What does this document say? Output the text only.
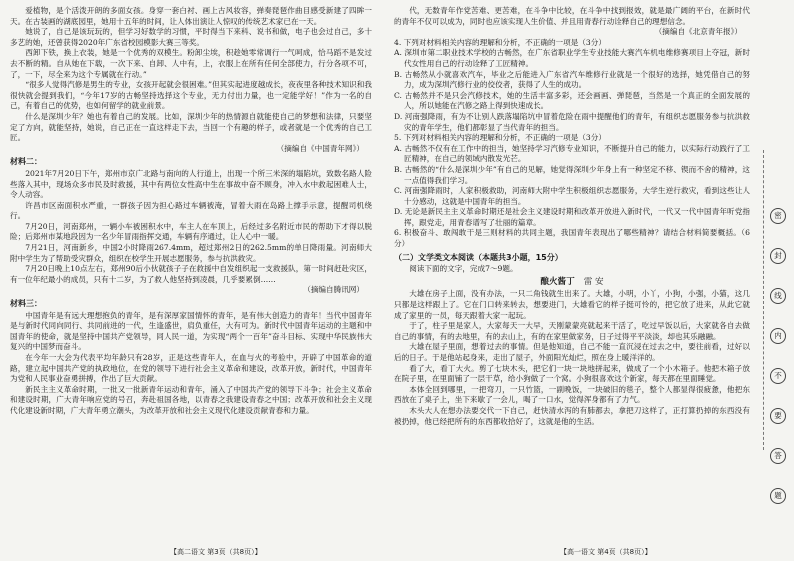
爱植物，是个活泼开朗的多面女孩。身穿一套白衬、画上古风妆容，弹奏琵琶作曲目感受新建了四眸一天。在古装画的湖底园里，她用十五年的时间，让人体出演让人惊叹的传统艺术家已在一天。

她说了，自己是该玩玩的，但学习好数学的习惯，平时得当下来科、说书和做，电子也会过自己，多十多艺的她，还曾获得2020年广东省校园模影大赛三等奖。

西卸下铁，换上衣装，她是一个优秀的双模生。粉卸尘埃，积趁她零常调行一气呵成，恰马蹈不是发过去不断的精。自从她在下载，一次下来、自卸、人中有，上，衣服上在所有任何全部使力，行分各项不可，了，一下，尽全来为这个专属就在行动。”

“很多人觉得汽修是男生的专业，女孩开起就会很困难。”但其实起进度越成长，夜夜里各种技术知识和我很快就会提到我们，“今年17岁的古畅坚持选择这个专业，无力付出力量，也一定能学好！”作为一名的自己，有着自己的优势，也如何留学的就业前景。

什么是深圳少年？她也有着自己的发展。比如，深圳少年的热情源自就能使自己的梦想和法律，只要坚定了方向，就能坚持，她说，自己正在一直这样走下去，当回一个有趣的样子，或者就是一个优秀的自己工匠。

（摘编自《中国青年网》）

材料二：

2021年7月20日下午，郑州市京广北路与南向的人行道上，出现一个所三米深的塌陷坑，致数名路人险些落入其中，现场众多市民及时救援，其中有两位女性高中生在事故中奋不顾身，冲入水中救起困难人士，令人动容。

许昌市区南面积水严重，一群孩子因为担心路过车辆被淹，冒着大雨在岛路上撑手示意，提醒司机绕行。

7月20日，河南郑州，一辆小车被困积水中，车主人在车顶上，后经过多名附近市民的帮助下才得以脱险；后郑州市某地段因为一名少年冒雨指挥交通，车辆有序通过，让人心中一暖。

7月21日，河南新乡，中国2小时降雨267.4mm，超过郑州2日的262.5mm的单日降雨量。河南师大附中学生为了帮助受灾群众，组织在校学生开展志愿服务，参与抗洪救灾。

7月20日晚上10点左右，郑州90后小伙就孩子子在救援中自发组织起一支救援队，第一时间赶赴灾区，有一位年纪最小的成员，只有十二岁，为了救人他坚持到凌晨，几乎要累倒……

（摘编自腾讯网）

材料三：

中国青年是有远大理想抱负的青年，是有深厚家国情怀的青年，是有伟大创造力的青年！当代中国青年是与新时代同向同行、共同前进的一代，生逢盛世，肩负重任，大有可为。新时代中国青年运动的主题和中国青年的使命，就是坚持中国共产党领导，同人民一道，为实现“两个一百年”奋斗目标、实现中华民族伟大复兴的中国梦而奋斗。

在今年一大会为代表平均年龄只有28岁，正是这些青年人，在血与火的考验中，开辟了中国革命的道路，建立起中国共产党的执政地位，在党的领导下进行社会主义革命和建设，改革开放，新时代，中国青年为党和人民事业奋勇拼搏，作出了巨大贡献。

新民主主义革命时期，一批又一批新青年运动和青年，涌入了中国共产党的领导下斗争；社会主义革命和建设时期，广大青年响应党的号召，奔赴祖国各地，以青春之我建设青春之中国；改革开放和社会主义现代化建设新时期，广大青年勇立潮头，为改革开放和社会主义现代化建设贡献青春和力量。

代，无数青年作党苦难、更苦难，在斗争中比较，在斗争中找到报效，就是最广阔的平台，在新时代的青年不仅可以成为，同时也应该实现人生价值、并且用青春行动诠释自己的理想信念。

（摘编自《北京青年报》）

4. 下列对材料相关内容的理解和分析，不正确的一项是（3分）

A. 深圳市第二职业技术学校的古畅然，在广东省职业学生专业技能大赛汽车机电维修赛项目上夺冠，新时代女性用自己的行动诠释了工匠精神。

B. 古畅然从小就喜欢汽车，毕业之后能进入广东省汽车维修行业就是一个很好的选择，她凭借自己的努力，成为深圳汽修行业的佼佼者，获得了人生的成功。

C. 古畅然并不是只会汽修技术，她的生活丰富多彩，还会画画、弹琵琶，当然是一个真正的全面发展的人，所以她能在汽修之路上得到快速成长。

D. 河南强降雨，有为不让别人跌落塌陷坑中冒着危险在雨中提醒他们的青年，有组织志愿服务参与抗洪救灾的青年学生，他们都彰显了当代青年的担当。

5. 下列对材料相关内容的理解和分析，不正确的一项是（3分）

A. 古畅然不仅有在工作中的担当，她坚持学习汽修专业知识，不断提升自己的能力，以实际行动践行了工匠精神，在自己的领域内散发光芒。

B. 古畅然的“什么是深圳少年”有自己的见解，她觉得深圳少年身上有一种坚定不移、锲而不舍的精神，这一点值得我们学习。

C. 河南强降雨时，人家积极救助，河南师大附中学生积极组织志愿服务，大学生逆行救灾，看到这些让人十分感动，这就是中国青年的担当。

D. 无论是新民主主义革命时期还是社会主义建设时期和改革开放进入新时代，一代又一代中国青年听党指挥，跟党走，用青春谱写了壮丽的篇章。

6. 积极奋斗、敢闯敢干是三则材料的共同主题，我国青年表现出了哪些精神？请结合材料简要概括。（6分）

（二）文学类文本阅读（本题共3小题，15分）

阅读下面的文字，完成7～9题。

酿火酱丁 雷 安

大雄在房子上面，没有办法，一只二角钱就生出来了。大雄，小明，小丫，小狗，小强，小猫，这几只都是这样跟上了。它在门口转来转去，想要进门，大雄看它的样子挺可怜的，把它放了进来，从此它就成了家里的一员，每天跟着大家一起玩。

于了，柱子里是家人，大家每天一大早，天刚蒙蒙亮就起来干活了，吃过早饭以后，大家就各自去做自己的事情，有的去地里，有的去山上，有的在家里做家务，日子过得平平淡淡，却也其乐融融。

大雄在屋子里面，想着过去的事情。但是他知道，自己不能一直沉浸在过去之中，要往前看，过好以后的日子。于是他站起身来，走出了屋子，外面阳光灿烂，照在身上暖洋洋的。

看了大，看丁大火。剪了七块木头，把它们一块一块地拼起来，做成了一个小木箱子。他把木箱子放在院子里，在里面铺了一层干草，给小狗做了一个窝。小狗很喜欢这个新家，每天都在里面睡觉。

本体全回到哪里，一把弯刀，一只竹篮，一副晚饭，一块破旧的毯子，整个人都显得很疲惫，他把东西放在了桌子上，坐下来歇了一会儿，喝了一口水，觉得浑身都有了力气。

木头大人在想办法要交代一下自己，赶快清水泻的有肺都去，拿把刀这样了，正打算扔掉的东西没有被扔掉，他已经把所有的东西都收拾好了，这就是他的生活。

【高二语文 第3页（共8页）】	【高一语文 第4页（共8页）】
密
封
线
内
不
要
答
题
